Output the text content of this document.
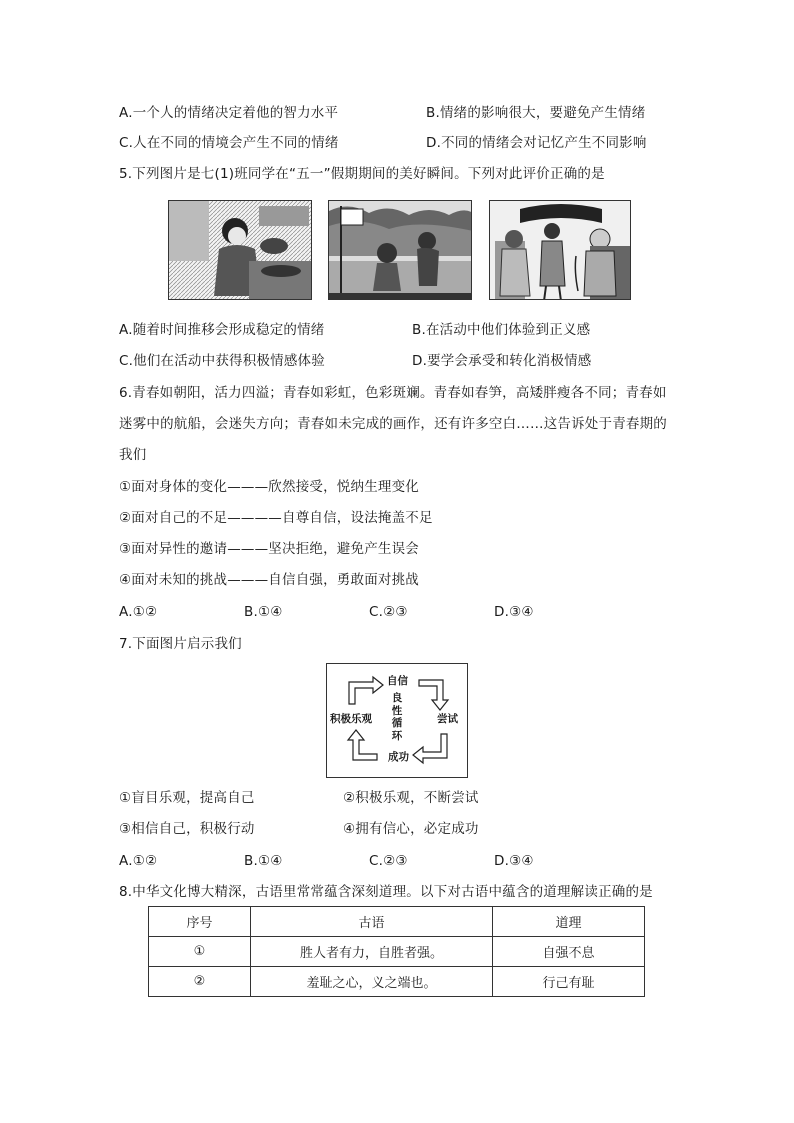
A.一个人的情绪决定着他的智力水平	B.情绪的影响很大，要避免产生情绪
C.人在不同的情境会产生不同的情绪	D.不同的情绪会对记忆产生不同影响
5.下列图片是七(1)班同学在“五一”假期期间的美好瞬间。下列对此评价正确的是
A.随着时间推移会形成稳定的情绪	B.在活动中他们体验到正义感
C.他们在活动中获得积极情感体验	D.要学会承受和转化消极情感
6.青春如朝阳，活力四溢；青春如彩虹，色彩斑斓。青春如春笋，高矮胖瘦各不同；青春如
迷雾中的航船，会迷失方向；青春如未完成的画作，还有许多空白……这告诉处于青春期的
我们
①面对身体的变化———欣然接受，悦纳生理变化
②面对自己的不足————自尊自信，设法掩盖不足
③面对异性的邀请———坚决拒绝，避免产生误会
④面对未知的挑战———自信自强，勇敢面对挑战
A.①②	B.①④	C.②③	D.③④
7.下面图片启示我们
自信
尝试
成功
积极乐观
良
性
循
环
①盲目乐观，提高自己	②积极乐观，不断尝试
③相信自己，积极行动	④拥有信心，必定成功
A.①②	B.①④	C.②③	D.③④
8.中华文化博大精深，古语里常常蕴含深刻道理。以下对古语中蕴含的道理解读正确的是
序号	古语	道理
①	胜人者有力，自胜者强。	自强不息
②	羞耻之心，义之端也。	行己有耻
